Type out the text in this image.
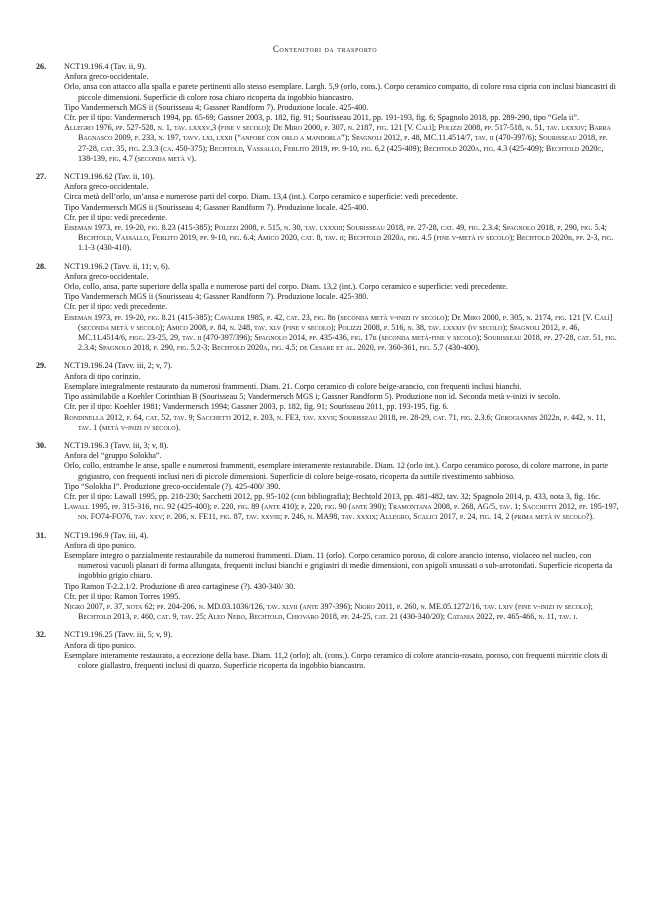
Contenitori da trasporto
26. NCT19.196.4 (Tav. ii, 9).
Anfora greco-occidentale.
Orlo, ansa con attacco alla spalla e parete pertinenti allo stesso esemplare. Largh. 5,9 (orlo, cons.). Corpo ceramico compatto, di colore rosa cipria con inclusi biancastri di piccole dimensioni. Superficie di colore rosa chiaro ricoperta da ingobbio biancastro.
Tipo Vandermersch MGS ii (Sourisseau 4; Gassner Randform 7). Produzione locale. 425-400.
Cfr. per il tipo: Vandermersch 1994, pp. 65-69; Gassner 2003, p. 182, fig. 91; Sourisseau 2011, pp. 191-193, fig. 6; Spagnolo 2018, pp. 289-290, tipo “Gela ii”.
Allegro 1976, pp. 527-528, n. 1, tav. lxxxv,3 (fine v secolo); De Miro 2000, p. 307, n. 2187, fig. 121 [V. Calì]; Polizzi 2008, pp. 517-518, n. 51, tav. lxxxiv; Barra Bagnasco 2009, p. 233, n. 197, tavv. lxi, lxxii (“anfore con orlo a mandorla”); Spagnoli 2012, p. 48, MC.11.4514/7, tav. ii (470-397/6); Sourisseau 2018, pp. 27-28, cat. 35, fig. 2.3.3 (ca. 450-375); Bechtold, Vassallo, Ferlito 2019, pp. 9-10, fig. 6,2 (425-409); Bechtold 2020a, fig. 4.3 (425-409); Bechtold 2020c, 138-139, fig. 4.7 (seconda metà v).
27. NCT19.196.62 (Tav. ii, 10).
Anfora greco-occidentale.
Circa metà dell’orlo, un’ansa e numerose parti del corpo. Diam. 13,4 (int.). Corpo ceramico e superficie: vedi precedente.
Tipo Vandermersch MGS ii (Sourisseau 4; Gassner Randform 7). Produzione locale. 425-400.
Cfr. per il tipo: vedi precedente.
Eiseman 1973, pp. 19-20, fig. 8.23 (415-385); Polizzi 2008, p. 515, n. 30, tav. lxxxiii; Sourisseau 2018, pp. 27-28, cat. 49, fig. 2.3.4; Spagnolo 2018, p. 290, fig. 5.4; Bechtold, Vassallo, Ferlito 2019, pp. 9-10, fig. 6.4; Amico 2020, cat. 8, tav. ii; Bechtold 2020a, fig. 4.5 (fine v-metà iv secolo); Bechtold 2020b, pp. 2-3, fig. 1.1-3 (430-410).
28. NCT19.196.2 (Tavv. ii, 11; v, 6).
Anfora greco-occidentale.
Orlo, collo, ansa, parte superiore della spalla e numerose parti del corpo. Diam. 13,2 (int.). Corpo ceramico e superficie: vedi precedente.
Tipo Vandermersch MGS ii (Sourisseau 4; Gassner Randform 7). Produzione locale. 425-380.
Cfr. per il tipo: vedi precedente.
Eiseman 1973, pp. 19-20, fig. 8.21 (415-385); Cavalier 1985, p. 42, cat. 23, fig. 8b (seconda metà v-inizi iv secolo); De Miro 2000, p. 305, n. 2174, fig. 121 [V. Calì] (seconda metà v secolo); Amico 2008, p. 84, n. 248, tav. xlv (fine v secolo); Polizzi 2008, p. 516, n. 38, tav. lxxxiv (iv secolo); Spagnoli 2012, p. 46, MC.11.4514/6, figg. 23-25, 29, tav. ii (470-397/396); Spagnolo 2014, pp. 435-436, fig. 17b (seconda metà-fine v secolo); Sourisseau 2018, pp. 27-28, cat. 51, fig. 2.3.4; Spagnolo 2018, p. 290, fig. 5.2-3; Bechtold 2020a, fig. 4.5; de Cesare et al. 2020, pp. 360-361, fig. 5.7 (430-400).
29. NCT19.196.24 (Tavv. iii, 2; v, 7).
Anfora di tipo corinzio.
Esemplare integralmente restaurato da numerosi frammenti. Diam. 21. Corpo ceramico di colore beige-arancio, con frequenti inclusi bianchi.
Tipo assimilabile a Koehler Corinthian B (Sourisseau 5; Vandermersch MGS i; Gassner Randform 5). Produzione non id. Seconda metà v-inizi iv secolo.
Cfr. per il tipo: Koehler 1981; Vandermersch 1994; Gassner 2003, p. 182, fig. 91; Sourisseau 2011, pp. 193-195, fig. 6.
Rondinella 2012, p. 64, cat. 52, tav. 9; Sacchetti 2012, p. 203, n. FE3, tav. xxvii; Sourisseau 2018, pp. 28-29, cat. 71, fig. 2.3.6; Gerogiannis 2022b, p. 442, n. 11, tav. 1 (metà v-inizi iv secolo).
30. NCT19.196.3 (Tavv. iii, 3; v, 8).
Anfora del “gruppo Solokha”.
Orlo, collo, entrambe le anse, spalle e numerosi frammenti, esemplare interamente restaurabile. Diam. 12 (orlo int.). Corpo ceramico poroso, di colore marrone, in parte grigiastro, con frequenti inclusi neri di piccole dimensioni. Superficie di colore beige-rosato, ricoperta da sottile rivestimento sabbioso.
Tipo “Solokha I”. Produzione greco-occidentale (?). 425-400/ 390.
Cfr. per il tipo: Lawall 1995, pp. 218-230; Sacchetti 2012, pp. 95-102 (con bibliografia); Bechtold 2013, pp. 481-482, tav. 32; Spagnolo 2014, p. 433, nota 3, fig. 16c.
Lawall 1995, pp. 315-316, fig. 92 (425-400); p. 220, fig. 89 (ante 410); p. 220, fig. 90 (ante 390); Tramontana 2008, p. 268, AG/5, tav. 1; Sacchetti 2012, pp. 195-197, nn. FO74-FO76, tav. xxv; p. 206, n. FE11, fig. 87, tav. xxviii; p. 246, n. MA98, tav. xxxix; Allegro, Scalici 2017, p. 24, fig. 14, 2 (prima metà iv secolo?).
31. NCT19.196.9 (Tav. iii, 4).
Anfora di tipo punico.
Esemplare integro o parzialmente restaurabile da numerosi frammenti. Diam. 11 (orlo). Corpo ceramico poroso, di colore arancio intenso, violaceo nel nucleo, con numerosi vacuoli planari di forma allungata, frequenti inclusi bianchi e grigiastri di medie dimensioni, con spigoli smussati o sub-arrotondati. Superficie ricoperta da ingobbio grigio chiaro.
Tipo Ramon T-2.2.1/2. Produzione di area cartaginese (?). 430-340/ 30.
Cfr. per il tipo: Ramon Torres 1995.
Nigro 2007, p. 37, nota 62; pp. 204-206, n. MD.03.1036/126, tav. xlvii (ante 397-396); Nigro 2011, p. 260, n. ME.05.1272/16, tav. lxiv (fine v-inizi iv secolo); Bechtold 2013, p. 460, cat. 9, tav. 25; Aleo Nero, Bechtold, Chiovaro 2018, pp. 24-25, cat. 21 (430-340/20); Catania 2022, pp. 465-466, n. 11, tav. i.
32. NCT19.196.25 (Tavv. iii, 5; v, 9).
Anfora di tipo punico.
Esemplare interamente restaurato, a eccezione della base. Diam. 11,2 (orlo); alt. (cons.). Corpo ceramico di colore arancio-rosato, poroso, con frequenti micritic clots di colore giallastro, frequenti inclusi di quarzo. Superficie ricoperta da ingobbio biancastro.
